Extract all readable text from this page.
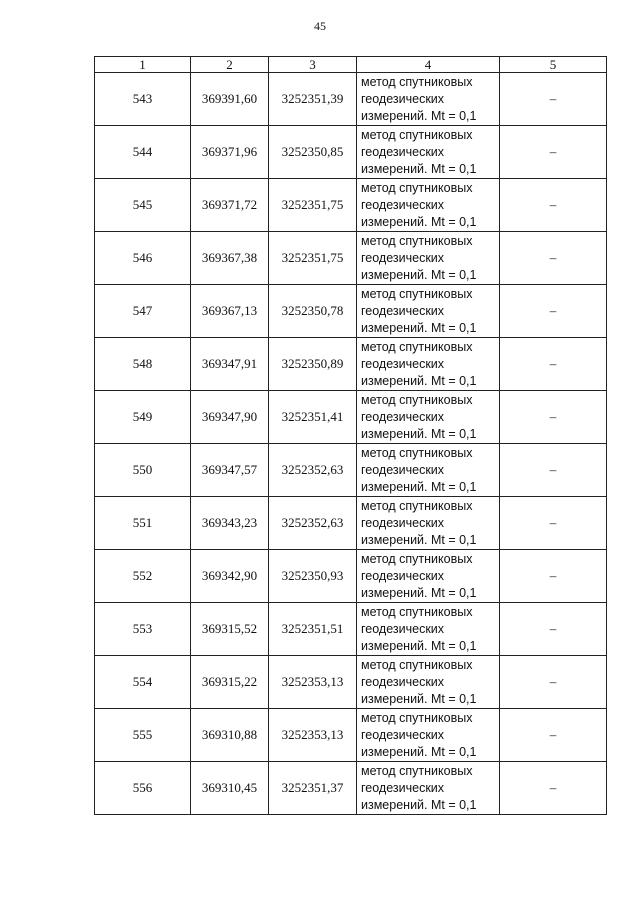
45
1	2	3	4	5
543	369391,60	3252351,39	метод спутниковых
геодезических
измерений. Mt = 0,1	–
544	369371,96	3252350,85	метод спутниковых
геодезических
измерений. Mt = 0,1	–
545	369371,72	3252351,75	метод спутниковых
геодезических
измерений. Mt = 0,1	–
546	369367,38	3252351,75	метод спутниковых
геодезических
измерений. Mt = 0,1	–
547	369367,13	3252350,78	метод спутниковых
геодезических
измерений. Mt = 0,1	–
548	369347,91	3252350,89	метод спутниковых
геодезических
измерений. Mt = 0,1	–
549	369347,90	3252351,41	метод спутниковых
геодезических
измерений. Mt = 0,1	–
550	369347,57	3252352,63	метод спутниковых
геодезических
измерений. Mt = 0,1	–
551	369343,23	3252352,63	метод спутниковых
геодезических
измерений. Mt = 0,1	–
552	369342,90	3252350,93	метод спутниковых
геодезических
измерений. Mt = 0,1	–
553	369315,52	3252351,51	метод спутниковых
геодезических
измерений. Mt = 0,1	–
554	369315,22	3252353,13	метод спутниковых
геодезических
измерений. Mt = 0,1	–
555	369310,88	3252353,13	метод спутниковых
геодезических
измерений. Mt = 0,1	–
556	369310,45	3252351,37	метод спутниковых
геодезических
измерений. Mt = 0,1	–
